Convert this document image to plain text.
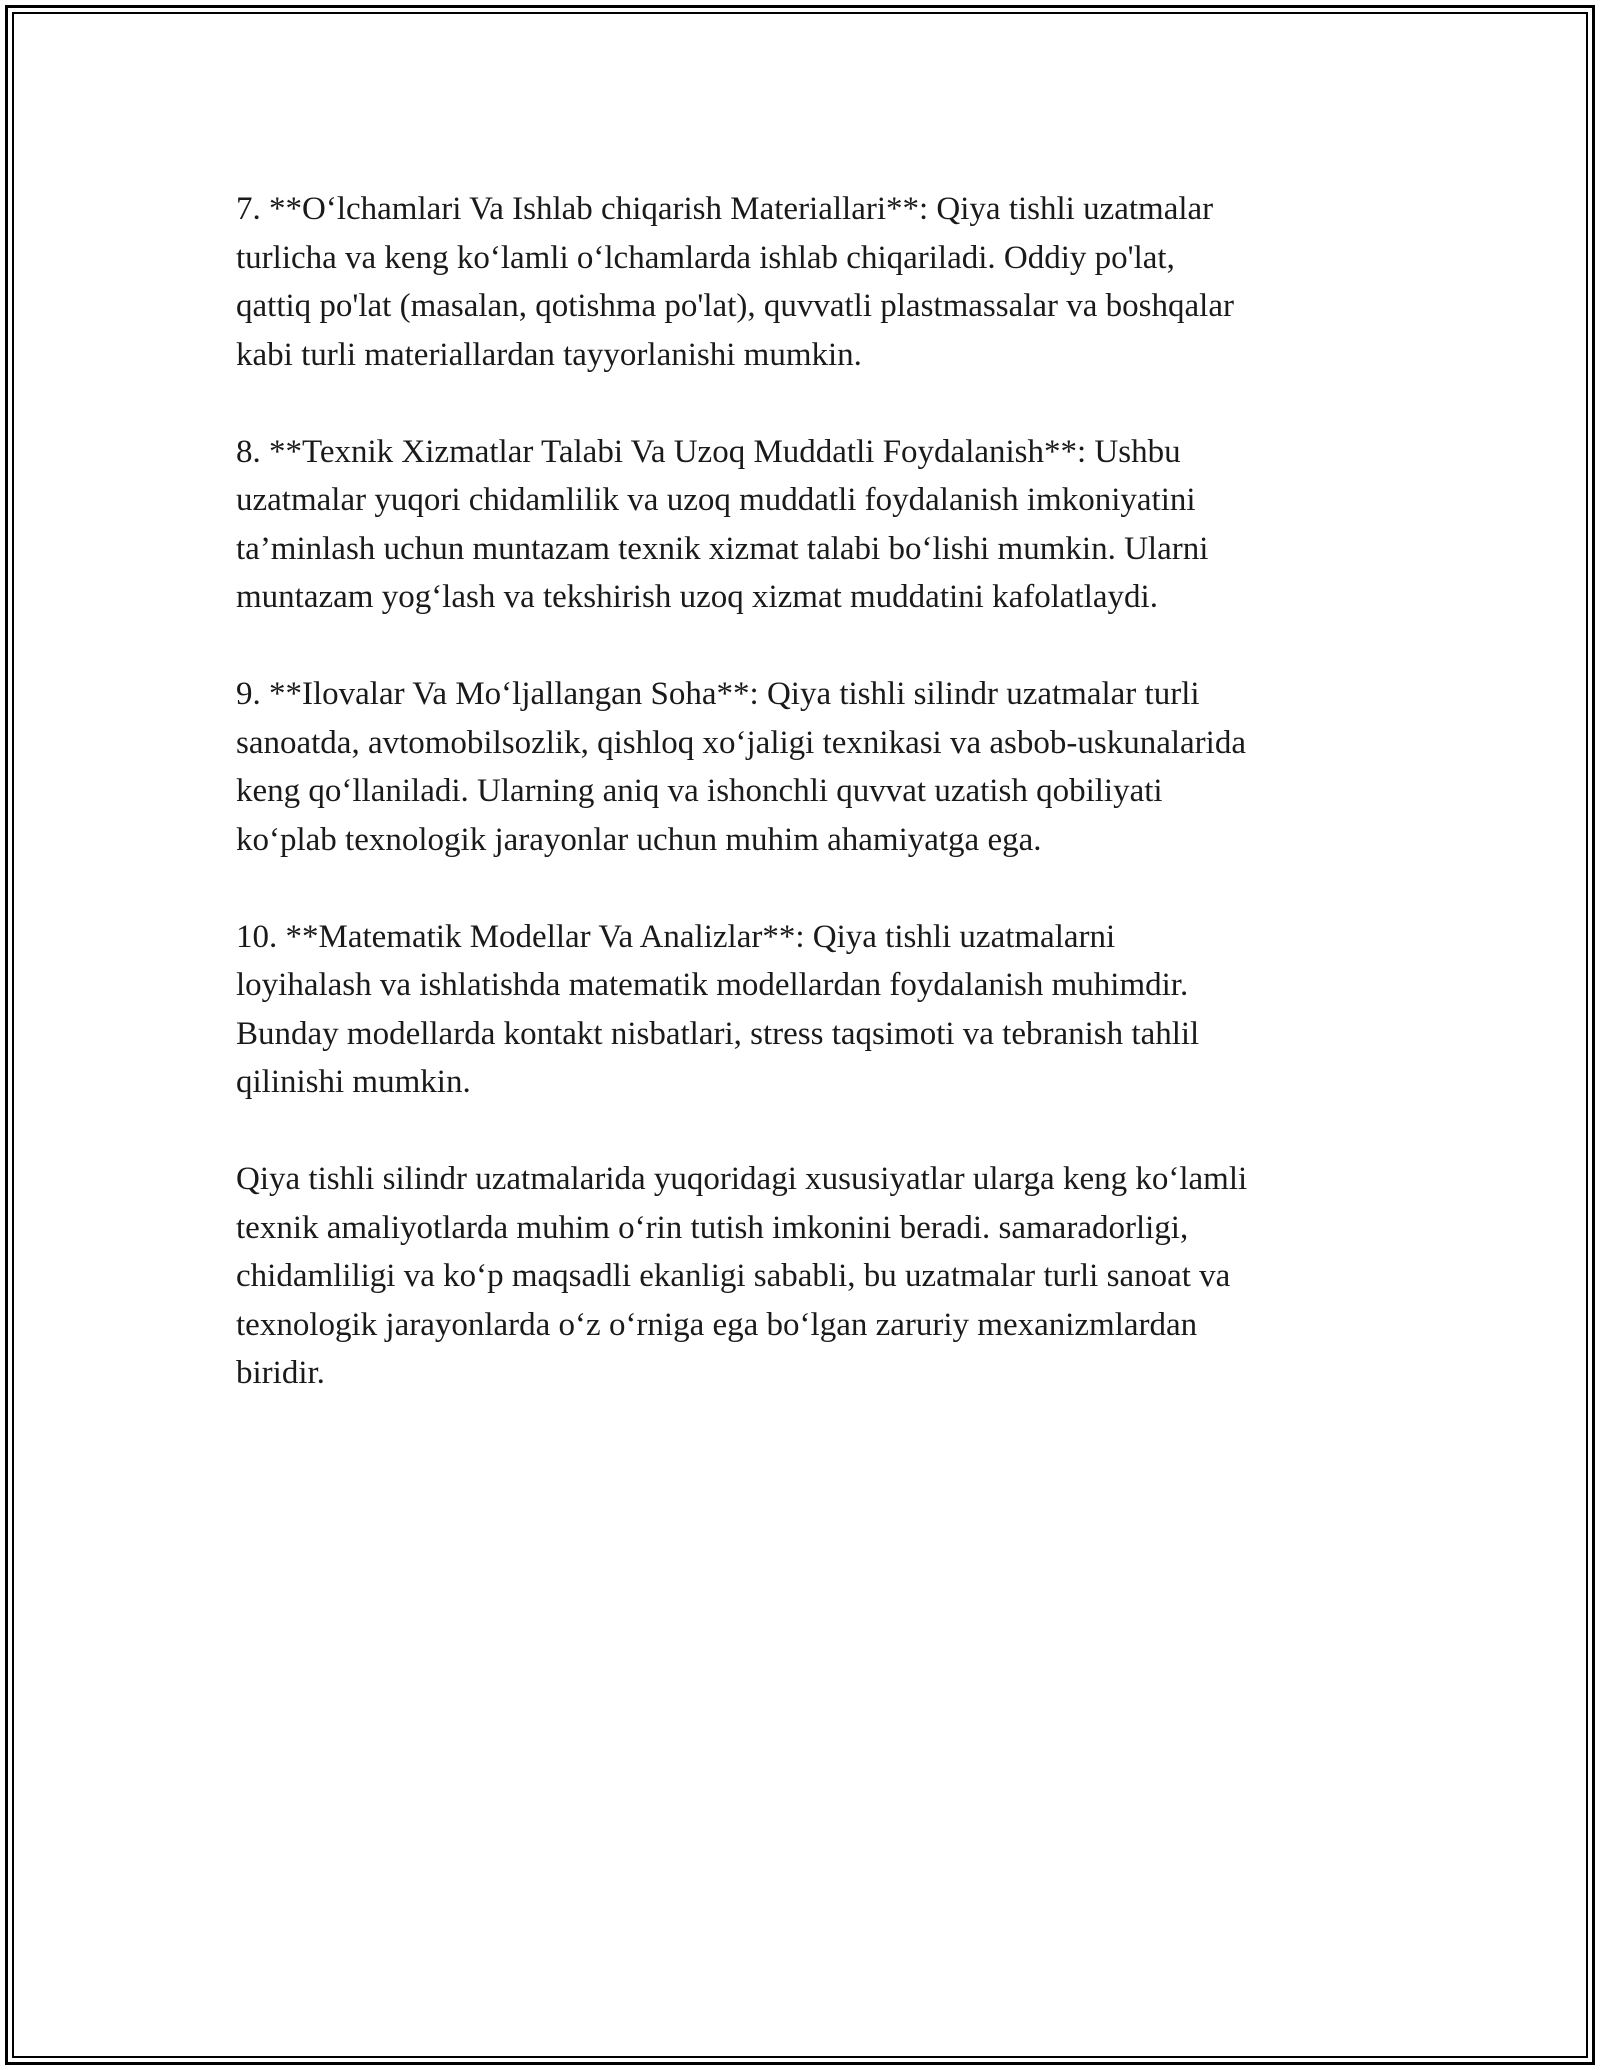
7. **O‘lchamlari Va Ishlab chiqarish Materiallari**: Qiya tishli uzatmalar
turlicha va keng ko‘lamli o‘lchamlarda ishlab chiqariladi. Oddiy po'lat,
qattiq po'lat (masalan, qotishma po'lat), quvvatli plastmassalar va boshqalar
kabi turli materiallardan tayyorlanishi mumkin.

8. **Texnik Xizmatlar Talabi Va Uzoq Muddatli Foydalanish**: Ushbu
uzatmalar yuqori chidamlilik va uzoq muddatli foydalanish imkoniyatini
ta’minlash uchun muntazam texnik xizmat talabi bo‘lishi mumkin. Ularni
muntazam yog‘lash va tekshirish uzoq xizmat muddatini kafolatlaydi.

9. **Ilovalar Va Mo‘ljallangan Soha**: Qiya tishli silindr uzatmalar turli
sanoatda, avtomobilsozlik, qishloq xo‘jaligi texnikasi va asbob-uskunalarida
keng qo‘llaniladi. Ularning aniq va ishonchli quvvat uzatish qobiliyati
ko‘plab texnologik jarayonlar uchun muhim ahamiyatga ega.

10. **Matematik Modellar Va Analizlar**: Qiya tishli uzatmalarni
loyihalash va ishlatishda matematik modellardan foydalanish muhimdir.
Bunday modellarda kontakt nisbatlari, stress taqsimoti va tebranish tahlil
qilinishi mumkin.

Qiya tishli silindr uzatmalarida yuqoridagi xususiyatlar ularga keng ko‘lamli
texnik amaliyotlarda muhim o‘rin tutish imkonini beradi. samaradorligi,
chidamliligi va ko‘p maqsadli ekanligi sababli, bu uzatmalar turli sanoat va
texnologik jarayonlarda o‘z o‘rniga ega bo‘lgan zaruriy mexanizmlardan
biridir.
